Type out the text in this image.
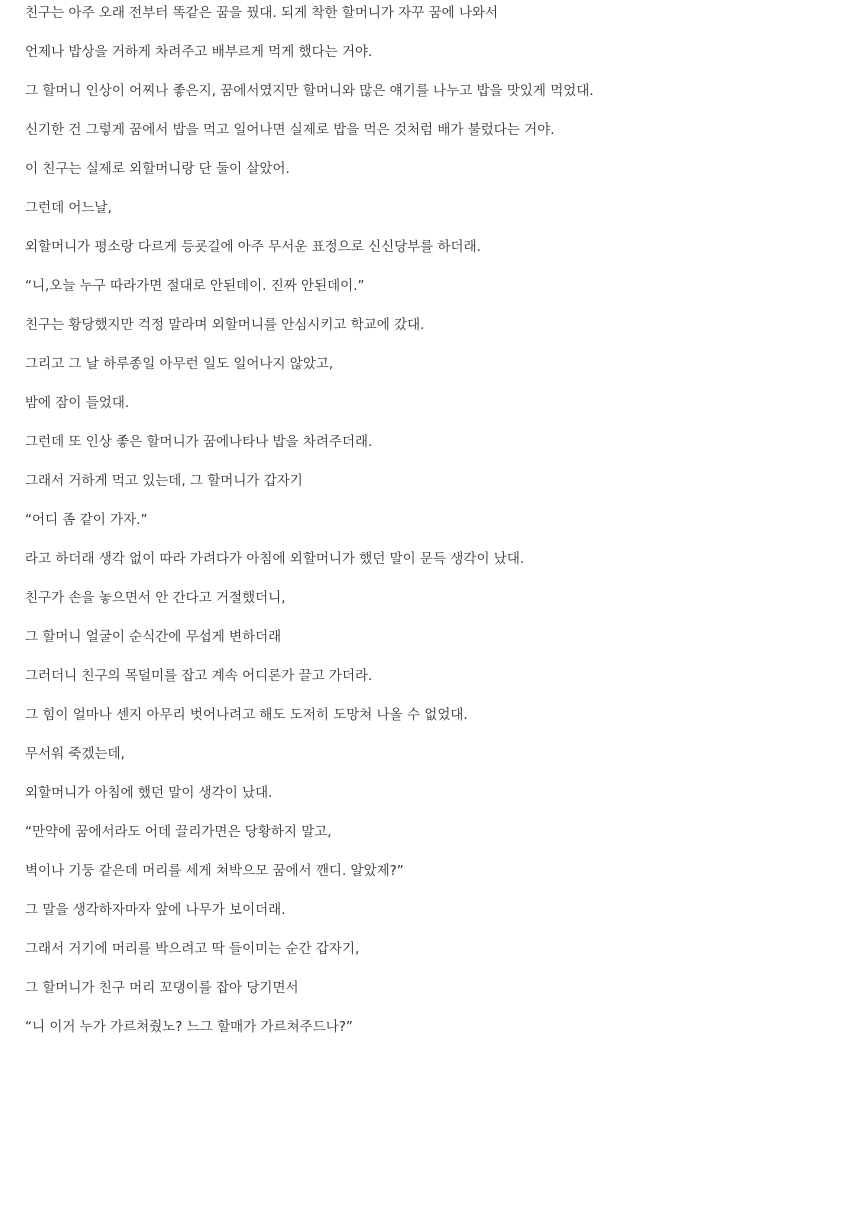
친구는 아주 오래 전부터 똑같은 꿈을 꿨대. 되게 착한 할머니가 자꾸 꿈에 나와서
언제나 밥상을 거하게 차려주고 배부르게 먹게 했다는 거야.
그 할머니 인상이 어찌나 좋은지, 꿈에서였지만 할머니와 많은 얘기를 나누고 밥을 맛있게 먹었대.
신기한 건 그렇게 꿈에서 밥을 먹고 일어나면 실제로 밥을 먹은 것처럼 배가 불렀다는 거야.
이 친구는 실제로 외할머니랑 단 둘이 살았어.
그런데 어느날,
외할머니가 평소랑 다르게 등굣길에 아주 무서운 표정으로 신신당부를 하더래.
“니,오늘 누구 따라가면 절대로 안된데이. 진짜 안된데이.”
친구는 황당했지만 걱정 말라며 외할머니를 안심시키고 학교에 갔대.
그리고 그 날 하루종일 아무런 일도 일어나지 않았고,
밤에 잠이 들었대.
그런데 또 인상 좋은 할머니가 꿈에나타나 밥을 차려주더래.
그래서 거하게 먹고 있는데, 그 할머니가 갑자기
“어디 좀 같이 가자.”
라고 하더래 생각 없이 따라 가려다가 아침에 외할머니가 했던 말이 문득 생각이 났대.
친구가 손을 놓으면서 안 간다고 거절했더니,
그 할머니 얼굴이 순식간에 무섭게 변하더래
그러더니 친구의 목덜미를 잡고 계속 어디론가 끌고 가더라.
그 힘이 얼마나 센지 아무리 벗어나려고 해도 도저히 도망쳐 나올 수 없었대.
무서워 죽겠는데,
외할머니가 아침에 했던 말이 생각이 났대.
“만약에 꿈에서라도 어데 끌리가면은 당황하지 말고,
벽이나 기둥 같은데 머리를 세게 쳐박으모 꿈에서 깬디. 알았제?”
그 말을 생각하자마자 앞에 나무가 보이더래.
그래서 거기에 머리를 박으려고 딱 들이미는 순간 갑자기,
그 할머니가 친구 머리 꼬댕이를 잡아 당기면서
“니 이거 누가 가르쳐줬노? 느그 할매가 가르쳐주드나?”
